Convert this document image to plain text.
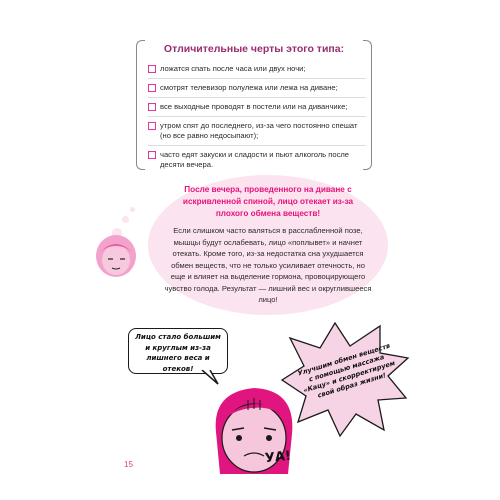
Отличительные черты этого типа:
ложатся спать после часа или двух ночи;
смотрят телевизор полулежа или лежа на диване;
все выходные проводят в постели или на диванчике;
утром спят до последнего, из-за чего постоянно спешат (но все равно недосыпают);
часто едят закуски и сладости и пьют алкоголь после десяти вечера.
После вечера, проведенного на диване с искривленной спиной, лицо отекает из-за плохого обмена веществ!
Если слишком часто валяться в расслабленной позе, мышцы будут ослабевать, лицо «поплывет» и начнет отекать. Кроме того, из-за недостатка сна ухудшается обмен веществ, что не только усиливает отечность, но еще и влияет на выделение гормона, провоцирующего чувство голода. Результат — лишний вес и округлившееся лицо!
Лицо стало большим и круглым из-за лишнего веса и отеков!	Улучшим обмен веществ с помощью массажа «Кацу» и скорректируем свой образ жизни!
УА!
15
